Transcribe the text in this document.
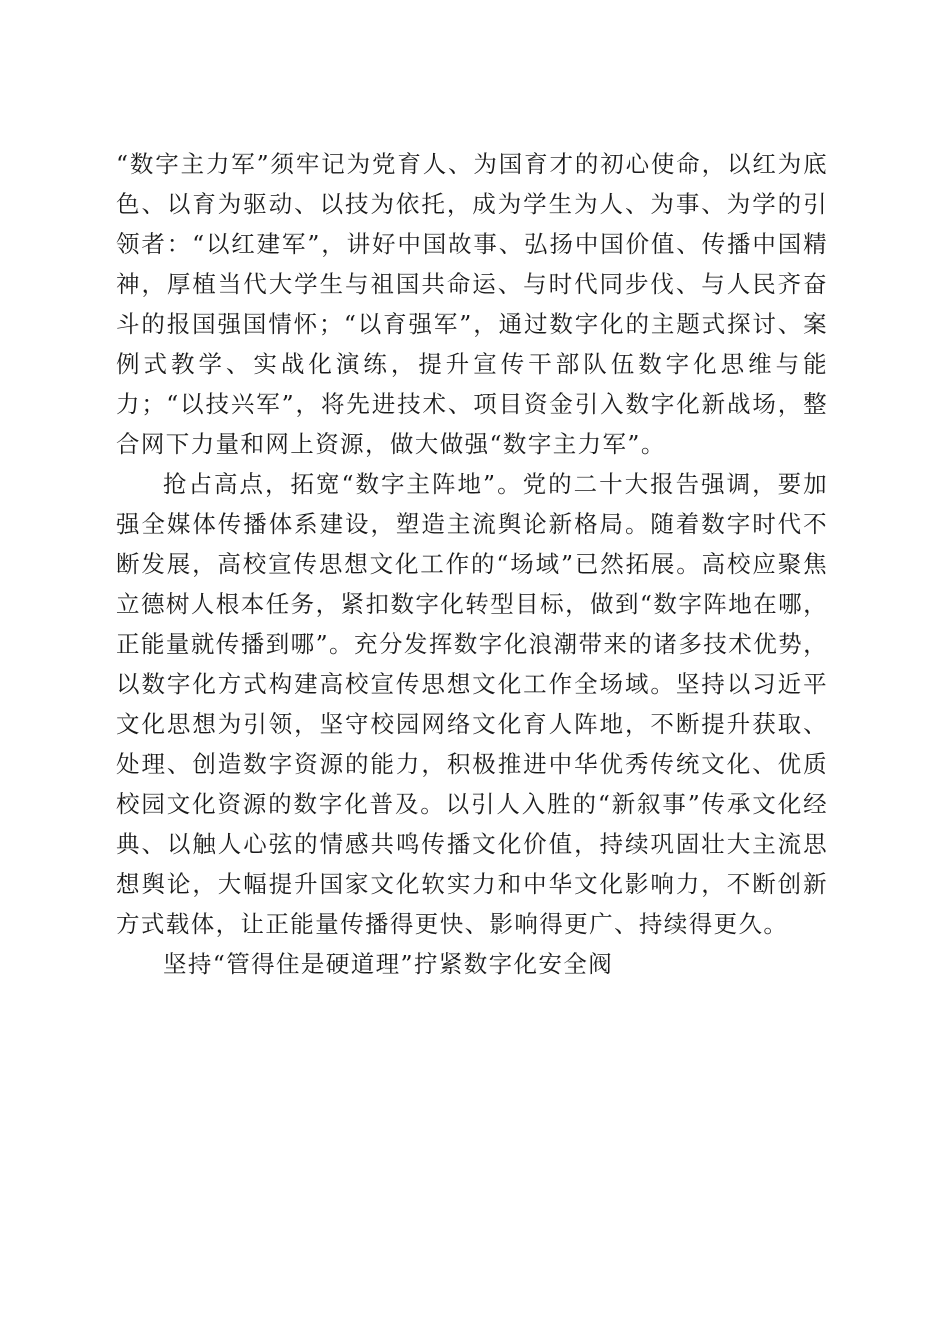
“数字主力军”须牢记为党育人、为国育才的初心使命，以红为底色、以育为驱动、以技为依托，成为学生为人、为事、为学的引领者：“以红建军”，讲好中国故事、弘扬中国价值、传播中国精神，厚植当代大学生与祖国共命运、与时代同步伐、与人民齐奋斗的报国强国情怀；“以育强军”，通过数字化的主题式探讨、案例式教学、实战化演练，提升宣传干部队伍数字化思维与能力；“以技兴军”，将先进技术、项目资金引入数字化新战场，整合网下力量和网上资源，做大做强“数字主力军”。

抢占高点，拓宽“数字主阵地”。党的二十大报告强调，要加强全媒体传播体系建设，塑造主流舆论新格局。随着数字时代不断发展，高校宣传思想文化工作的“场域”已然拓展。高校应聚焦立德树人根本任务，紧扣数字化转型目标，做到“数字阵地在哪，正能量就传播到哪”。充分发挥数字化浪潮带来的诸多技术优势，以数字化方式构建高校宣传思想文化工作全场域。坚持以习近平文化思想为引领，坚守校园网络文化育人阵地，不断提升获取、处理、创造数字资源的能力，积极推进中华优秀传统文化、优质校园文化资源的数字化普及。以引人入胜的“新叙事”传承文化经典、以触人心弦的情感共鸣传播文化价值，持续巩固壮大主流思想舆论，大幅提升国家文化软实力和中华文化影响力，不断创新方式载体，让正能量传播得更快、影响得更广、持续得更久。

坚持“管得住是硬道理”拧紧数字化安全阀
